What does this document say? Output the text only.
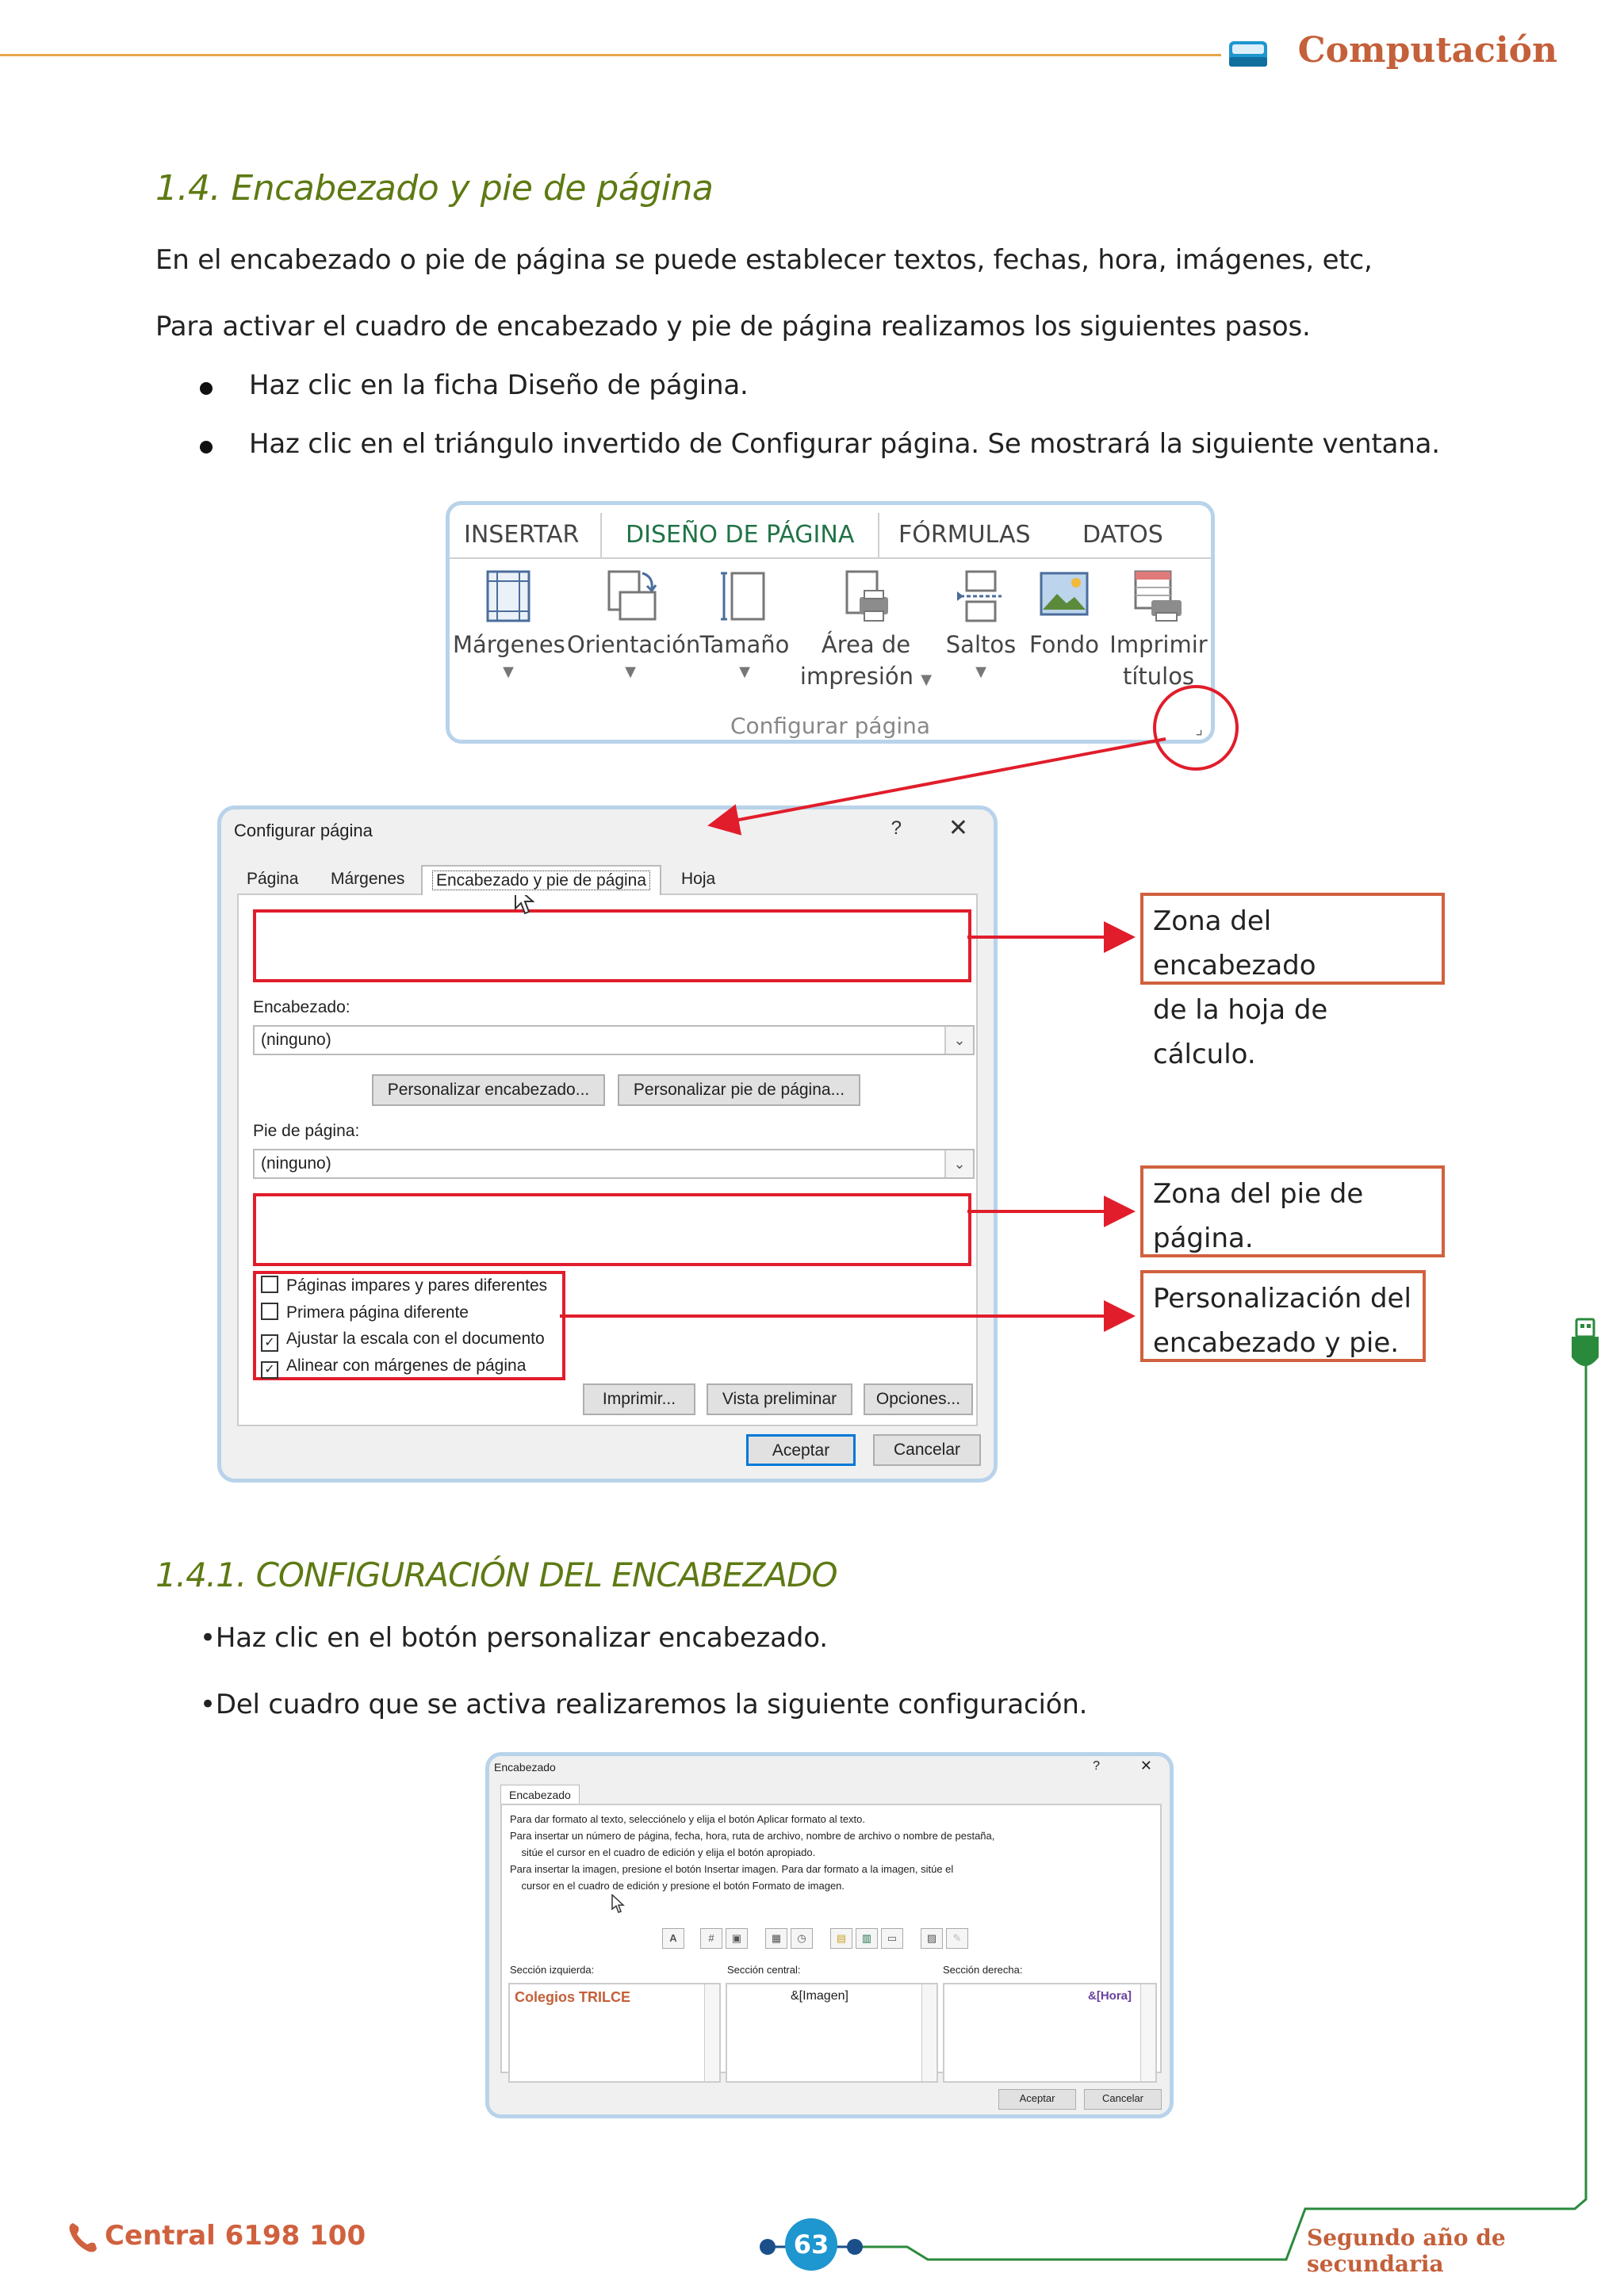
Computación
1.4. Encabezado y pie de página
En el encabezado o pie de página se puede establecer textos, fechas, hora, imágenes, etc,
Para activar el cuadro de encabezado y pie de página realizamos los siguientes pasos.
Haz clic en la ficha Diseño de página.
Haz clic en el triángulo invertido de Configurar página. Se mostrará la siguiente ventana.
INSERTAR	DISEÑO DE PÁGINA	FÓRMULAS DATOS
Márgenes
▼
Orientación
▼
Tamaño
▼
Área de
impresión ▼
Saltos
▼
Fondo Imprimir
títulos
Configurar página	⌟
Configurar página	? ✕
Página	Márgenes	Encabezado y pie de página	Hoja
Encabezado:
(ninguno)	⌄
Personalizar encabezado...	Personalizar pie de página...
Pie de página:
(ninguno)	⌄
Páginas impares y pares diferentes
Primera página diferente
✓ Ajustar la escala con el documento
✓ Alinear con márgenes de página
Imprimir...	Vista preliminar	Opciones...
Aceptar	Cancelar
Zona del encabezado
de la hoja de cálculo.
Zona del pie de
página.
Personalización del
encabezado y pie.
1.4.1. CONFIGURACIÓN DEL ENCABEZADO
•Haz clic en el botón personalizar encabezado.
•Del cuadro que se activa realizaremos la siguiente configuración.
Encabezado	?	✕
Encabezado
Para dar formato al texto, selecciónelo y elija el botón Aplicar formato al texto.
Para insertar un número de página, fecha, hora, ruta de archivo, nombre de archivo o nombre de pestaña,
sitúe el cursor en el cuadro de edición y elija el botón apropiado.
Para insertar la imagen, presione el botón Insertar imagen. Para dar formato a la imagen, sitúe el
cursor en el cuadro de edición y presione el botón Formato de imagen.
A	#	▣	▦	◷	▤	▥	▭	▨	✎
Sección izquierda:	Sección central:	Sección derecha:
Colegios TRILCE	&[Imagen]	&[Hora]
Aceptar	Cancelar
Central 6198 100	63	Segundo año de secundaria
